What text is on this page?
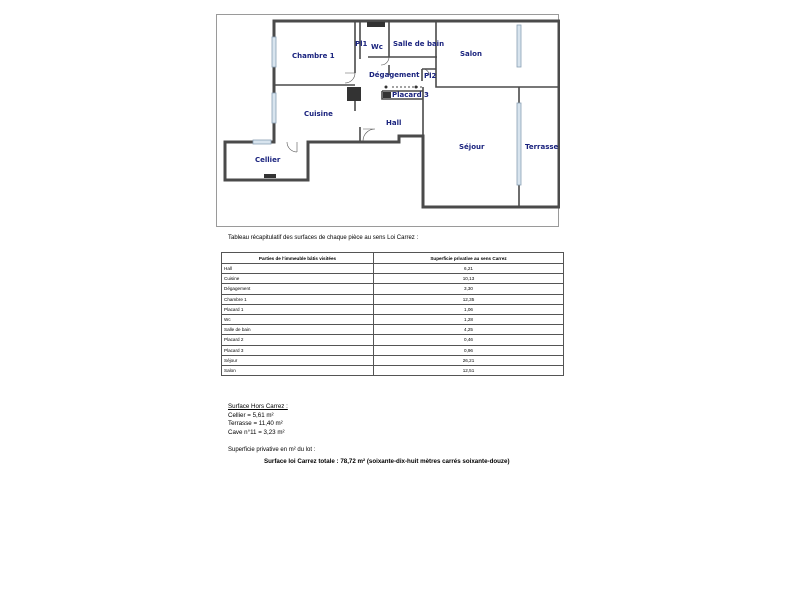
Chambre 1
Pl1 Wc Salle de bain
Salon
Dégagement Pl2
Placard 3
Cuisine
Hall
Séjour	Terrasse
Cellier
Tableau récapitulatif des surfaces de chaque pièce au sens Loi Carrez :
Parties de l'immeuble bâtis visitées	Superficie privative au sens Carrez
Hall	6,21
Cuisine	10,13
Dégagement	3,30
Chambre 1	12,35
Placard 1	1,06
Wc	1,28
Salle de bain	4,25
Placard 2	0,46
Placard 3	0,96
Séjour	26,21
Salon	12,51
Surface Hors Carrez :
Cellier = 5,61 m²
Terrasse = 11,40 m²
Cave n°11 = 3,23 m²
Superficie privative en m² du lot :
Surface loi Carrez totale : 78,72 m² (soixante-dix-huit mètres carrés soixante-douze)
